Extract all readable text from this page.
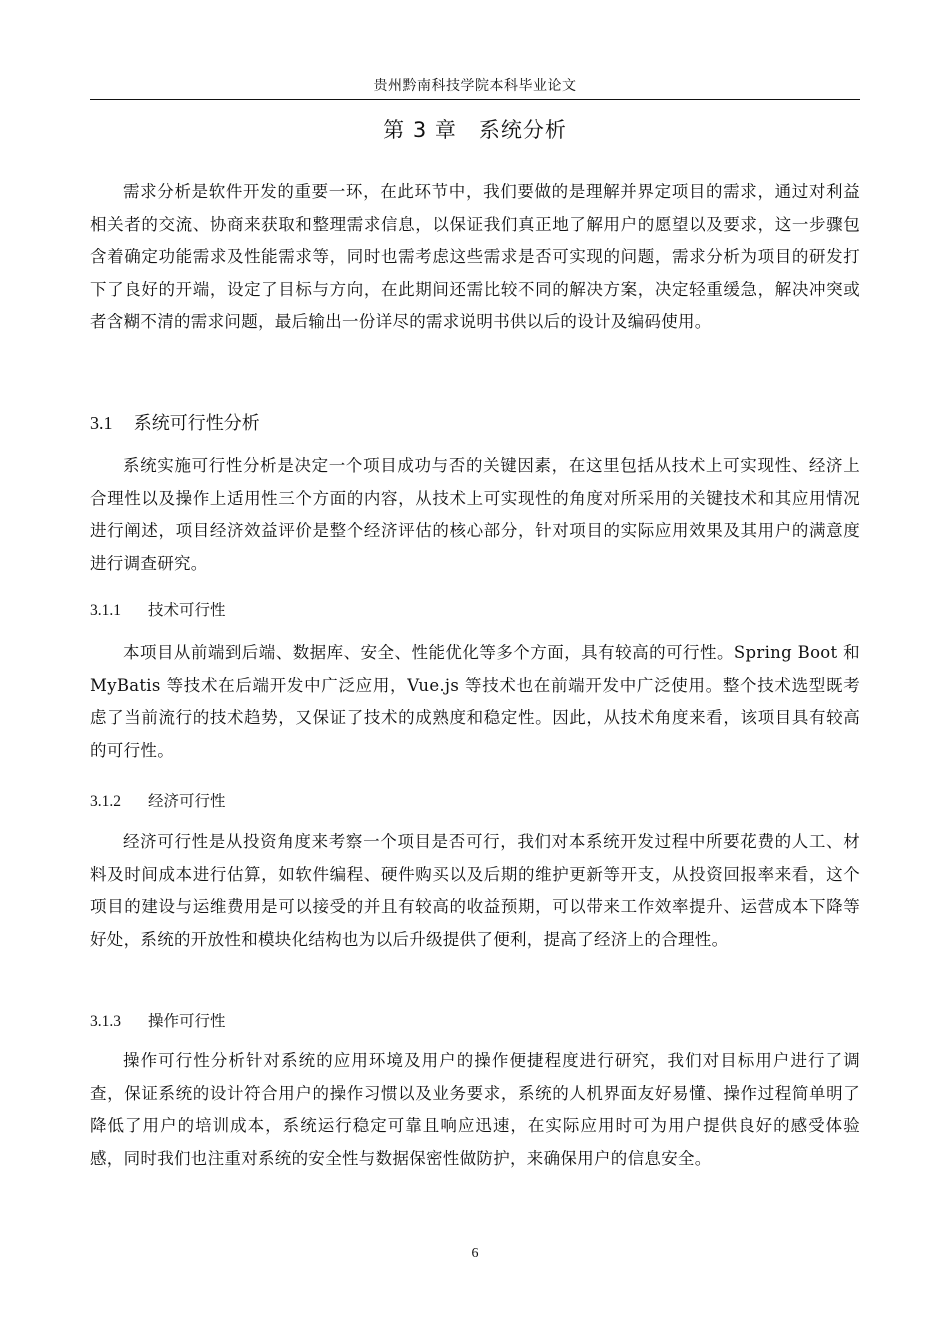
贵州黔南科技学院本科毕业论文
第 3 章　系统分析

需求分析是软件开发的重要一环，在此环节中，我们要做的是理解并界定项目的需求，通过对利益相关者的交流、协商来获取和整理需求信息，以保证我们真正地了解用户的愿望以及要求，这一步骤包含着确定功能需求及性能需求等，同时也需考虑这些需求是否可实现的问题，需求分析为项目的研发打下了良好的开端，设定了目标与方向，在此期间还需比较不同的解决方案，决定轻重缓急，解决冲突或者含糊不清的需求问题，最后输出一份详尽的需求说明书供以后的设计及编码使用。

3.1 系统可行性分析

系统实施可行性分析是决定一个项目成功与否的关键因素，在这里包括从技术上可实现性、经济上合理性以及操作上适用性三个方面的内容，从技术上可实现性的角度对所采用的关键技术和其应用情况进行阐述，项目经济效益评价是整个经济评估的核心部分，针对项目的实际应用效果及其用户的满意度进行调查研究。

3.1.1 技术可行性

本项目从前端到后端、数据库、安全、性能优化等多个方面，具有较高的可行性。Spring Boot 和 MyBatis 等技术在后端开发中广泛应用，Vue.js 等技术也在前端开发中广泛使用。整个技术选型既考虑了当前流行的技术趋势，又保证了技术的成熟度和稳定性。因此，从技术角度来看，该项目具有较高的可行性。

3.1.2 经济可行性

经济可行性是从投资角度来考察一个项目是否可行，我们对本系统开发过程中所要花费的人工、材料及时间成本进行估算，如软件编程、硬件购买以及后期的维护更新等开支，从投资回报率来看，这个项目的建设与运维费用是可以接受的并且有较高的收益预期，可以带来工作效率提升、运营成本下降等好处，系统的开放性和模块化结构也为以后升级提供了便利，提高了经济上的合理性。

3.1.3 操作可行性

操作可行性分析针对系统的应用环境及用户的操作便捷程度进行研究，我们对目标用户进行了调查，保证系统的设计符合用户的操作习惯以及业务要求，系统的人机界面友好易懂、操作过程简单明了降低了用户的培训成本，系统运行稳定可靠且响应迅速，在实际应用时可为用户提供良好的感受体验感，同时我们也注重对系统的安全性与数据保密性做防护，来确保用户的信息安全。

6
